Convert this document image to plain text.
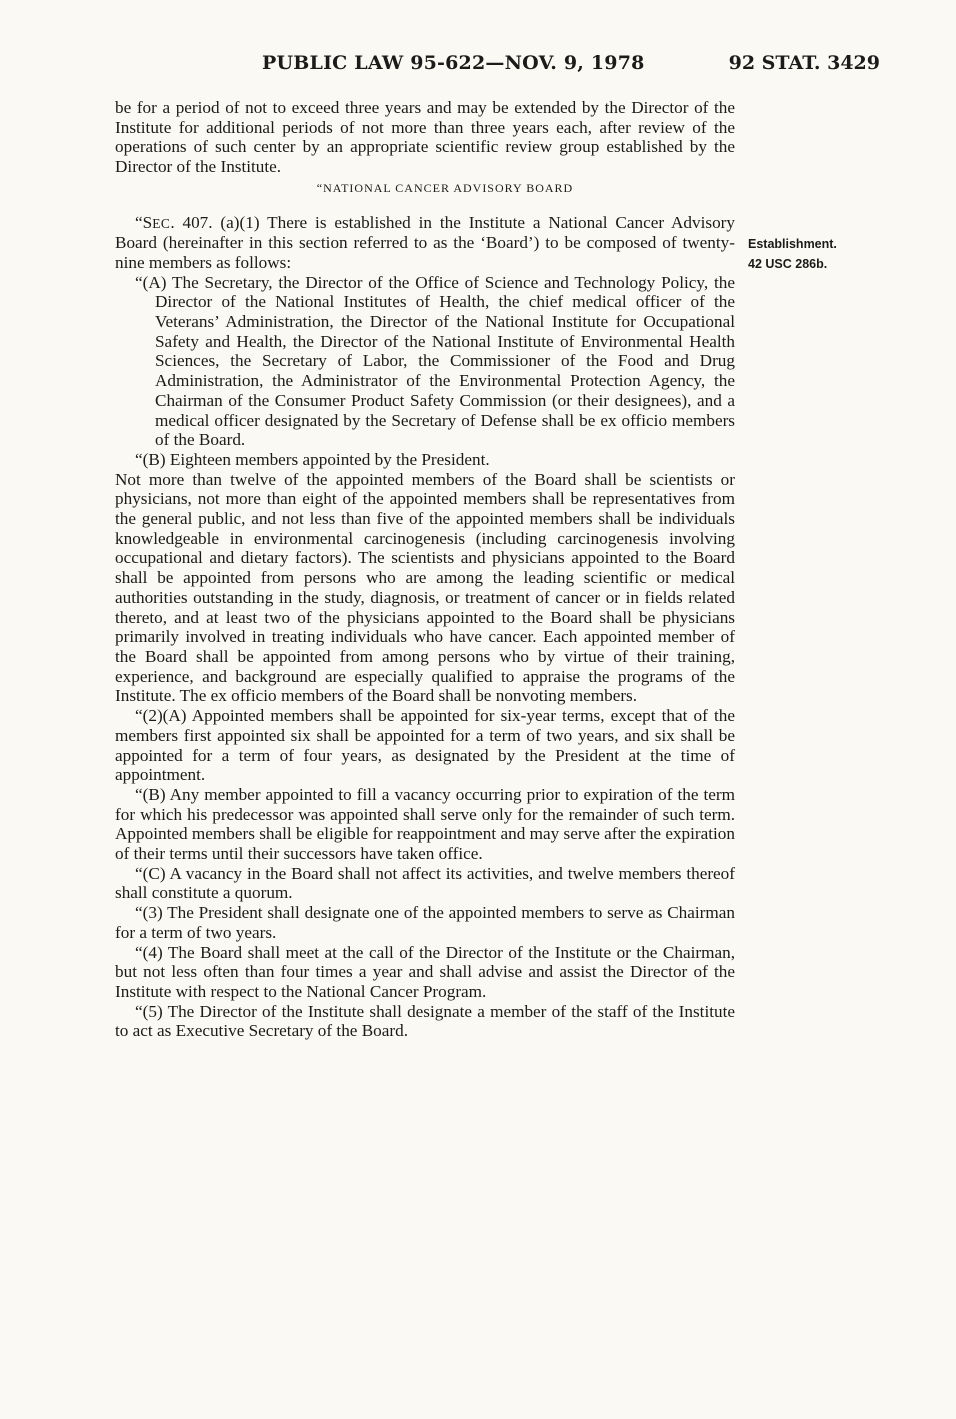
PUBLIC LAW 95-622—NOV. 9, 1978	92 STAT. 3429
Establishment.
42 USC 286b.

be for a period of not to exceed three years and may be extended by the Director of the Institute for additional periods of not more than three years each, after review of the operations of such center by an appropriate scientific review group established by the Director of the Institute.

“NATIONAL CANCER ADVISORY BOARD

“SEC. 407. (a)(1) There is established in the Institute a National Cancer Advisory Board (hereinafter in this section referred to as the ‘Board’) to be composed of twenty-nine members as follows:

“(A) The Secretary, the Director of the Office of Science and Technology Policy, the Director of the National Institutes of Health, the chief medical officer of the Veterans’ Administration, the Director of the National Institute for Occupational Safety and Health, the Director of the National Institute of Environmental Health Sciences, the Secretary of Labor, the Commissioner of the Food and Drug Administration, the Administrator of the Environmental Protection Agency, the Chairman of the Consumer Product Safety Commission (or their designees), and a medical officer designated by the Secretary of Defense shall be ex officio members of the Board.

“(B) Eighteen members appointed by the President.

Not more than twelve of the appointed members of the Board shall be scientists or physicians, not more than eight of the appointed members shall be representatives from the general public, and not less than five of the appointed members shall be individuals knowledgeable in environmental carcinogenesis (including carcinogenesis involving occupational and dietary factors). The scientists and physicians appointed to the Board shall be appointed from persons who are among the leading scientific or medical authorities outstanding in the study, diagnosis, or treatment of cancer or in fields related thereto, and at least two of the physicians appointed to the Board shall be physicians primarily involved in treating individuals who have cancer. Each appointed member of the Board shall be appointed from among persons who by virtue of their training, experience, and background are especially qualified to appraise the programs of the Institute. The ex officio members of the Board shall be nonvoting members.

“(2)(A) Appointed members shall be appointed for six-year terms, except that of the members first appointed six shall be appointed for a term of two years, and six shall be appointed for a term of four years, as designated by the President at the time of appointment.

“(B) Any member appointed to fill a vacancy occurring prior to expiration of the term for which his predecessor was appointed shall serve only for the remainder of such term. Appointed members shall be eligible for reappointment and may serve after the expiration of their terms until their successors have taken office.

“(C) A vacancy in the Board shall not affect its activities, and twelve members thereof shall constitute a quorum.

“(3) The President shall designate one of the appointed members to serve as Chairman for a term of two years.

“(4) The Board shall meet at the call of the Director of the Institute or the Chairman, but not less often than four times a year and shall advise and assist the Director of the Institute with respect to the National Cancer Program.

“(5) The Director of the Institute shall designate a member of the staff of the Institute to act as Executive Secretary of the Board.
